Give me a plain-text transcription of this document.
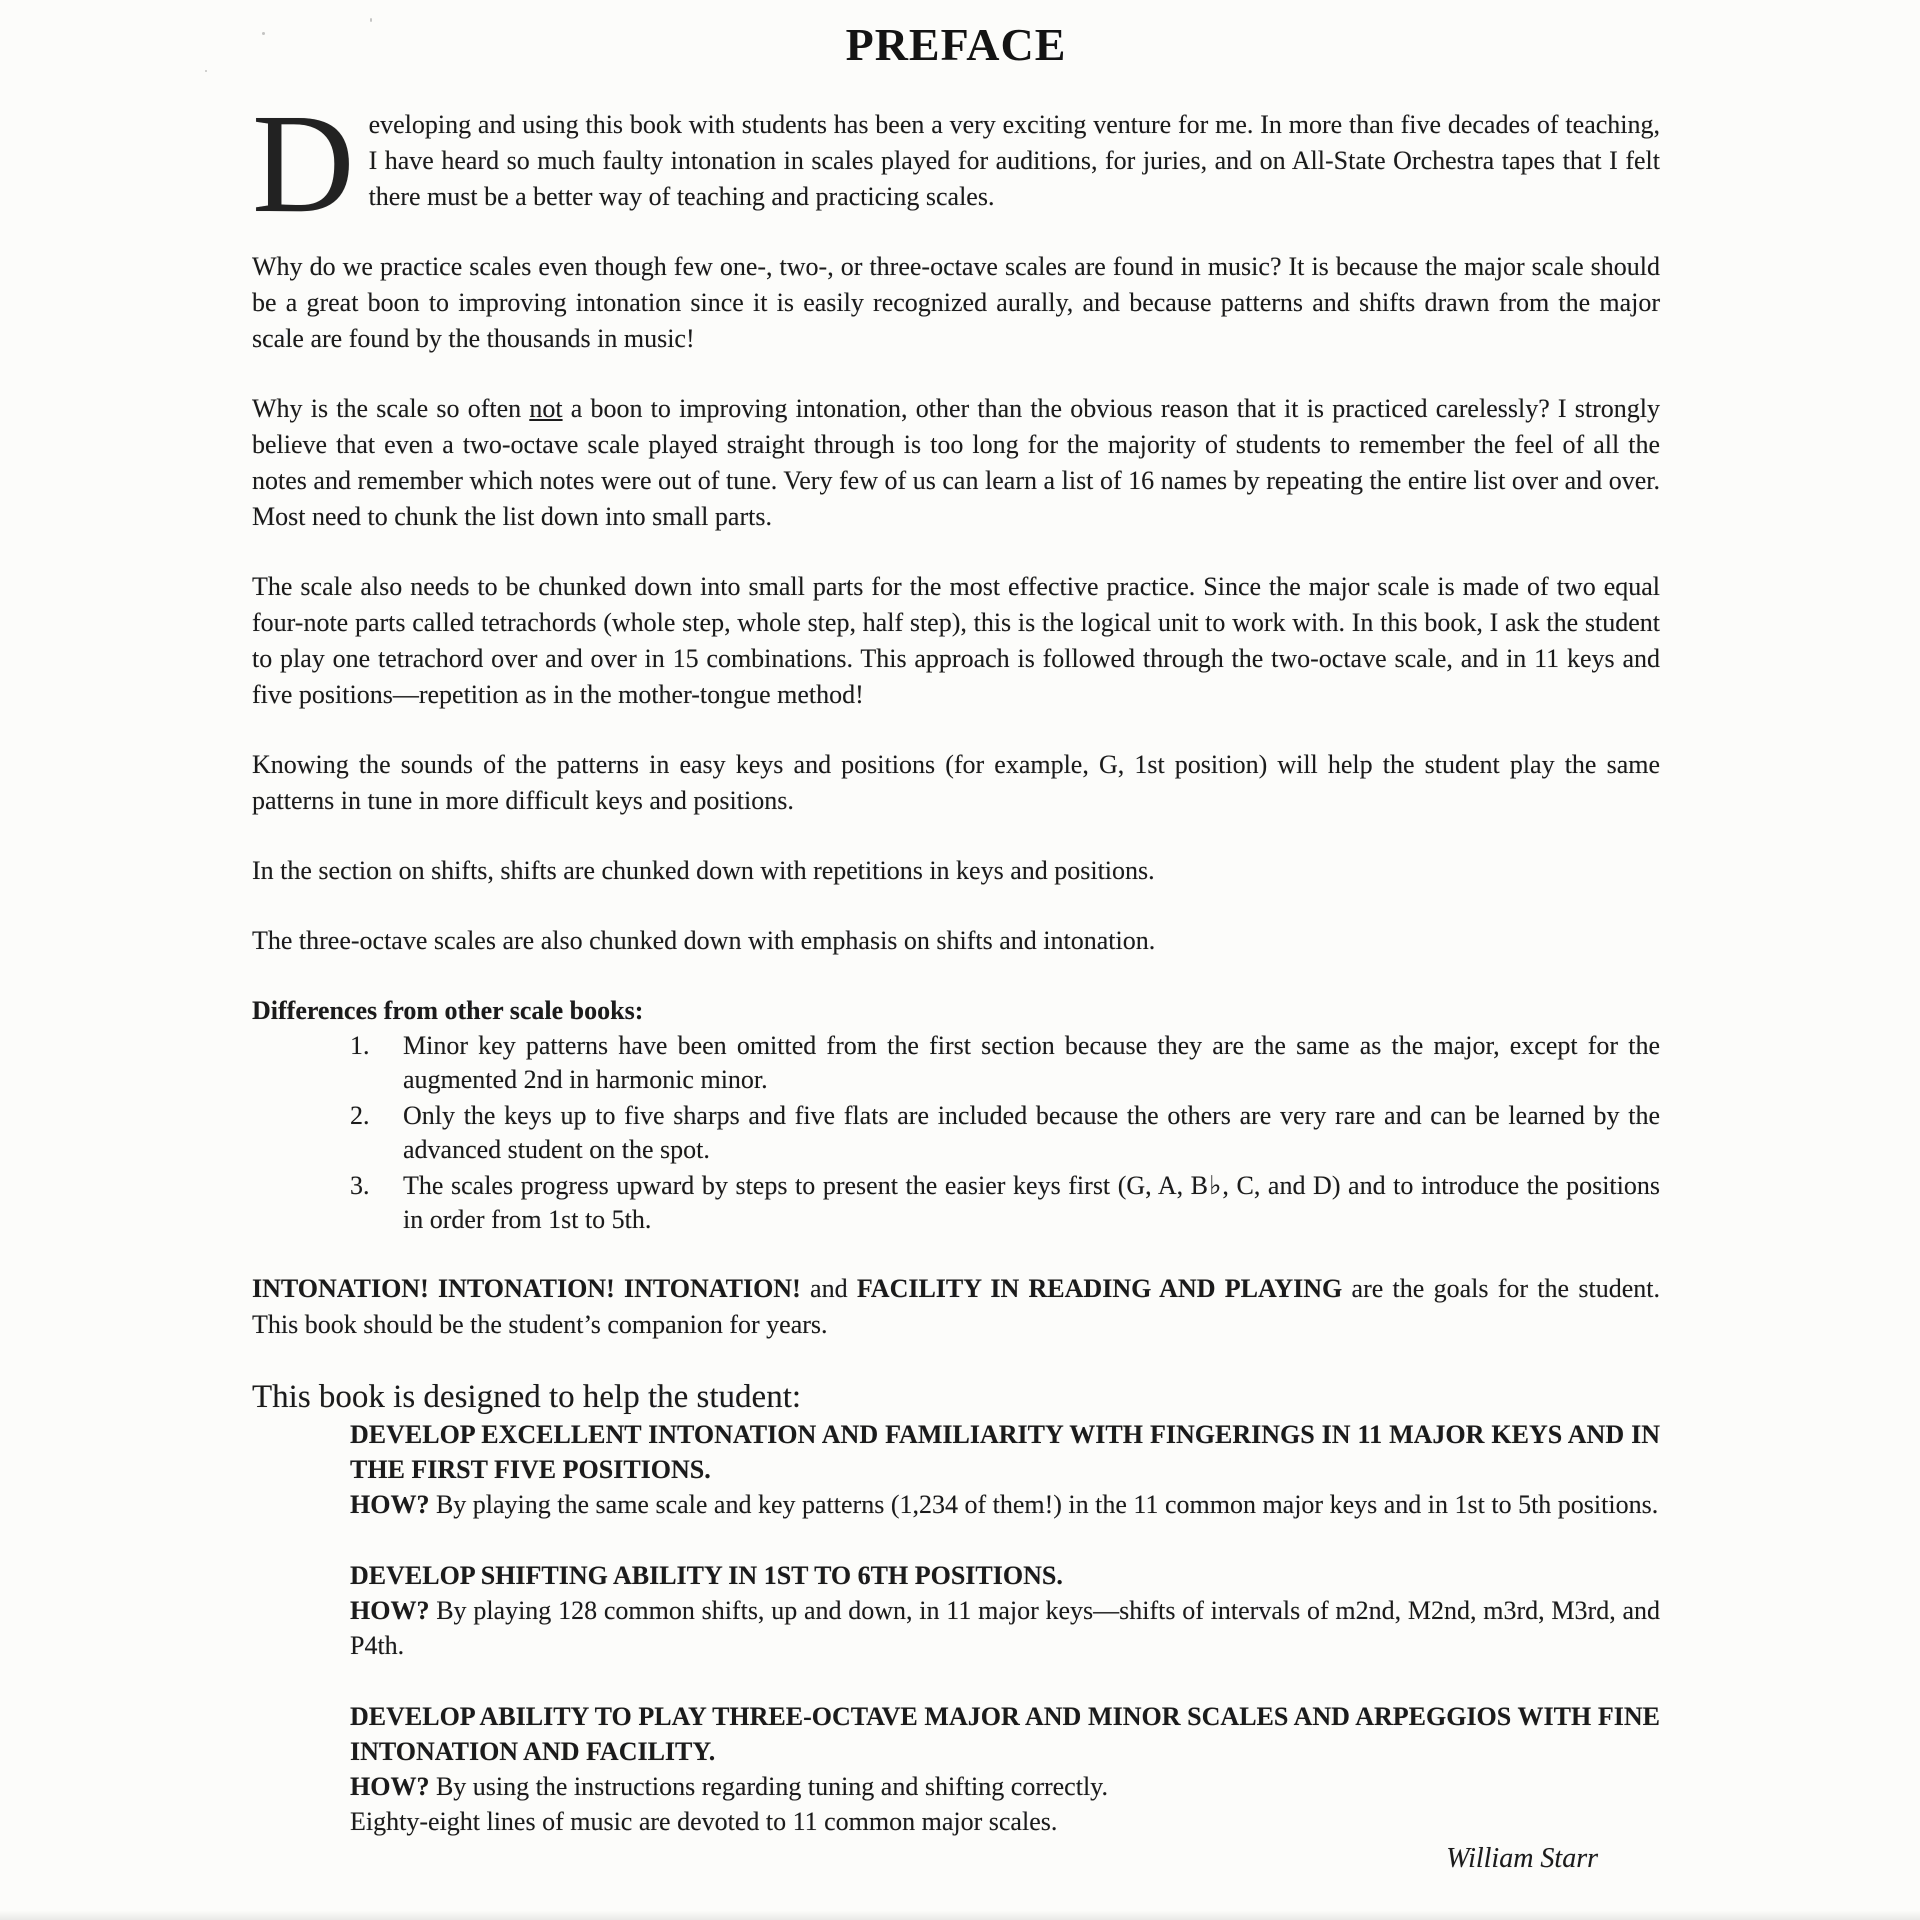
PREFACE

Developing and using this book with students has been a very exciting venture for me. In more than five decades of teaching, I have heard so much faulty intonation in scales played for auditions, for juries, and on All-State Orchestra tapes that I felt there must be a better way of teaching and practicing scales.

Why do we practice scales even though few one-, two-, or three-octave scales are found in music? It is because the major scale should be a great boon to improving intonation since it is easily recognized aurally, and because patterns and shifts drawn from the major scale are found by the thousands in music!

Why is the scale so often not a boon to improving intonation, other than the obvious reason that it is practiced carelessly? I strongly believe that even a two-octave scale played straight through is too long for the majority of students to remember the feel of all the notes and remember which notes were out of tune. Very few of us can learn a list of 16 names by repeating the entire list over and over. Most need to chunk the list down into small parts.

The scale also needs to be chunked down into small parts for the most effective practice. Since the major scale is made of two equal four-note parts called tetrachords (whole step, whole step, half step), this is the logical unit to work with. In this book, I ask the student to play one tetrachord over and over in 15 combinations. This approach is followed through the two-octave scale, and in 11 keys and five positions—repetition as in the mother-tongue method!

Knowing the sounds of the patterns in easy keys and positions (for example, G, 1st position) will help the student play the same patterns in tune in more difficult keys and positions.

In the section on shifts, shifts are chunked down with repetitions in keys and positions.

The three-octave scales are also chunked down with emphasis on shifts and intonation.

Differences from other scale books:

1.	Minor key patterns have been omitted from the first section because they are the same as the major, except for the augmented 2nd in harmonic minor.
2.	Only the keys up to five sharps and five flats are included because the others are very rare and can be learned by the advanced student on the spot.
3.	The scales progress upward by steps to present the easier keys first (G, A, B♭, C, and D) and to introduce the positions in order from 1st to 5th.

INTONATION! INTONATION! INTONATION! and FACILITY IN READING AND PLAYING are the goals for the student. This book should be the student’s companion for years.

This book is designed to help the student:

DEVELOP EXCELLENT INTONATION AND FAMILIARITY WITH FINGERINGS IN 11 MAJOR KEYS AND IN THE FIRST FIVE POSITIONS.

HOW? By playing the same scale and key patterns (1,234 of them!) in the 11 common major keys and in 1st to 5th positions.

DEVELOP SHIFTING ABILITY IN 1ST TO 6TH POSITIONS.

HOW? By playing 128 common shifts, up and down, in 11 major keys—shifts of intervals of m2nd, M2nd, m3rd, M3rd, and P4th.

DEVELOP ABILITY TO PLAY THREE-OCTAVE MAJOR AND MINOR SCALES AND ARPEGGIOS WITH FINE INTONATION AND FACILITY.

HOW? By using the instructions regarding tuning and shifting correctly.

Eighty-eight lines of music are devoted to 11 common major scales.

William Starr
